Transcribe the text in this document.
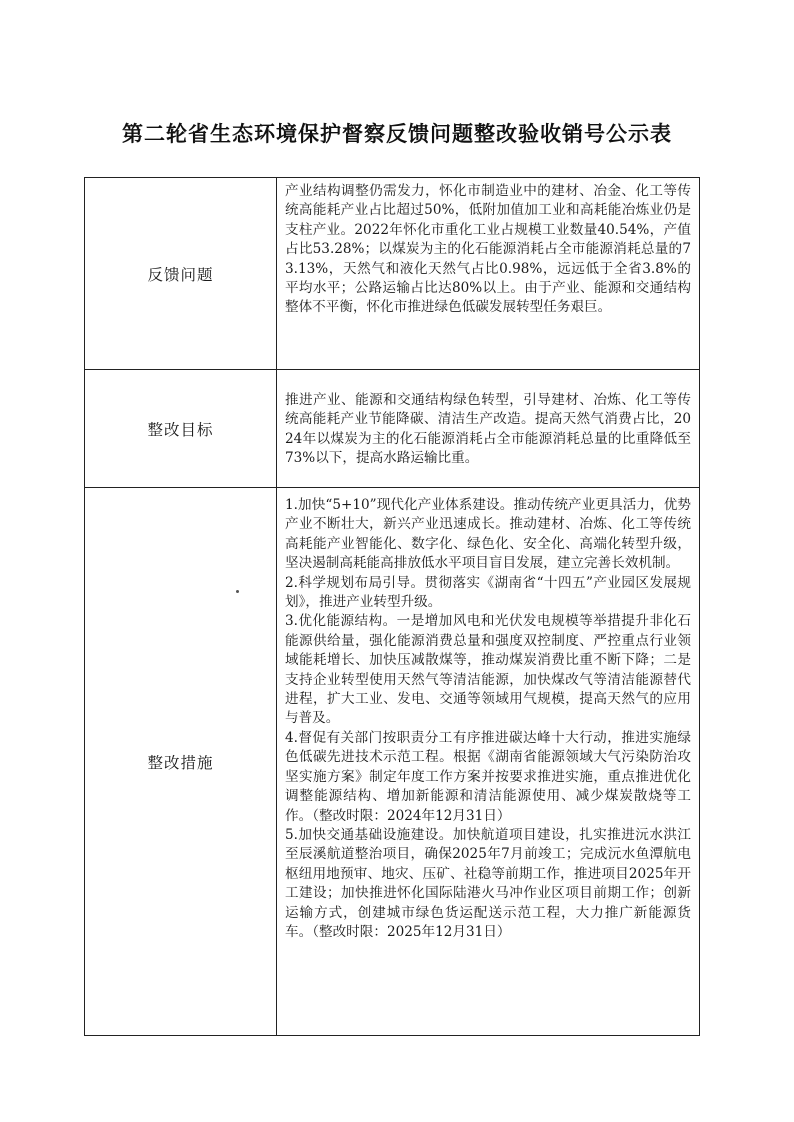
第二轮省生态环境保护督察反馈问题整改验收销号公示表
反馈问题	产业结构调整仍需发力，怀化市制造业中的建材、冶金、化工等传统高能耗产业占比超过50%，低附加值加工业和高耗能冶炼业仍是支柱产业。2022年怀化市重化工业占规模工业数量40.54%，产值占比53.28%；以煤炭为主的化石能源消耗占全市能源消耗总量的73.13%，天然气和液化天然气占比0.98%，远远低于全省3.8%的平均水平；公路运输占比达80%以上。由于产业、能源和交通结构整体不平衡，怀化市推进绿色低碳发展转型任务艰巨。

整改目标	推进产业、能源和交通结构绿色转型，引导建材、冶炼、化工等传统高能耗产业节能降碳、清洁生产改造。提高天然气消费占比，2024年以煤炭为主的化石能源消耗占全市能源消耗总量的比重降低至73%以下，提高水路运输比重。

整改措施	1.加快“5+10”现代化产业体系建设。推动传统产业更具活力，优势产业不断壮大，新兴产业迅速成长。推动建材、冶炼、化工等传统高耗能产业智能化、数字化、绿色化、安全化、高端化转型升级，坚决遏制高耗能高排放低水平项目盲目发展，建立完善长效机制。

2.科学规划布局引导。贯彻落实《湖南省“十四五”产业园区发展规划》，推进产业转型升级。

3.优化能源结构。一是增加风电和光伏发电规模等举措提升非化石能源供给量，强化能源消费总量和强度双控制度、严控重点行业领域能耗增长、加快压减散煤等，推动煤炭消费比重不断下降；二是支持企业转型使用天然气等清洁能源，加快煤改气等清洁能源替代进程，扩大工业、发电、交通等领域用气规模，提高天然气的应用与普及。

4.督促有关部门按职责分工有序推进碳达峰十大行动，推进实施绿色低碳先进技术示范工程。根据《湖南省能源领域大气污染防治攻坚实施方案》制定年度工作方案并按要求推进实施，重点推进优化调整能源结构、增加新能源和清洁能源使用、减少煤炭散烧等工作。（整改时限：2024年12月31日）

5.加快交通基础设施建设。加快航道项目建设，扎实推进沅水洪江至辰溪航道整治项目，确保2025年7月前竣工；完成沅水鱼潭航电枢纽用地预审、地灾、压矿、社稳等前期工作，推进项目2025年开工建设；加快推进怀化国际陆港火马冲作业区项目前期工作；创新运输方式，创建城市绿色货运配送示范工程，大力推广新能源货车。（整改时限：2025年12月31日）
